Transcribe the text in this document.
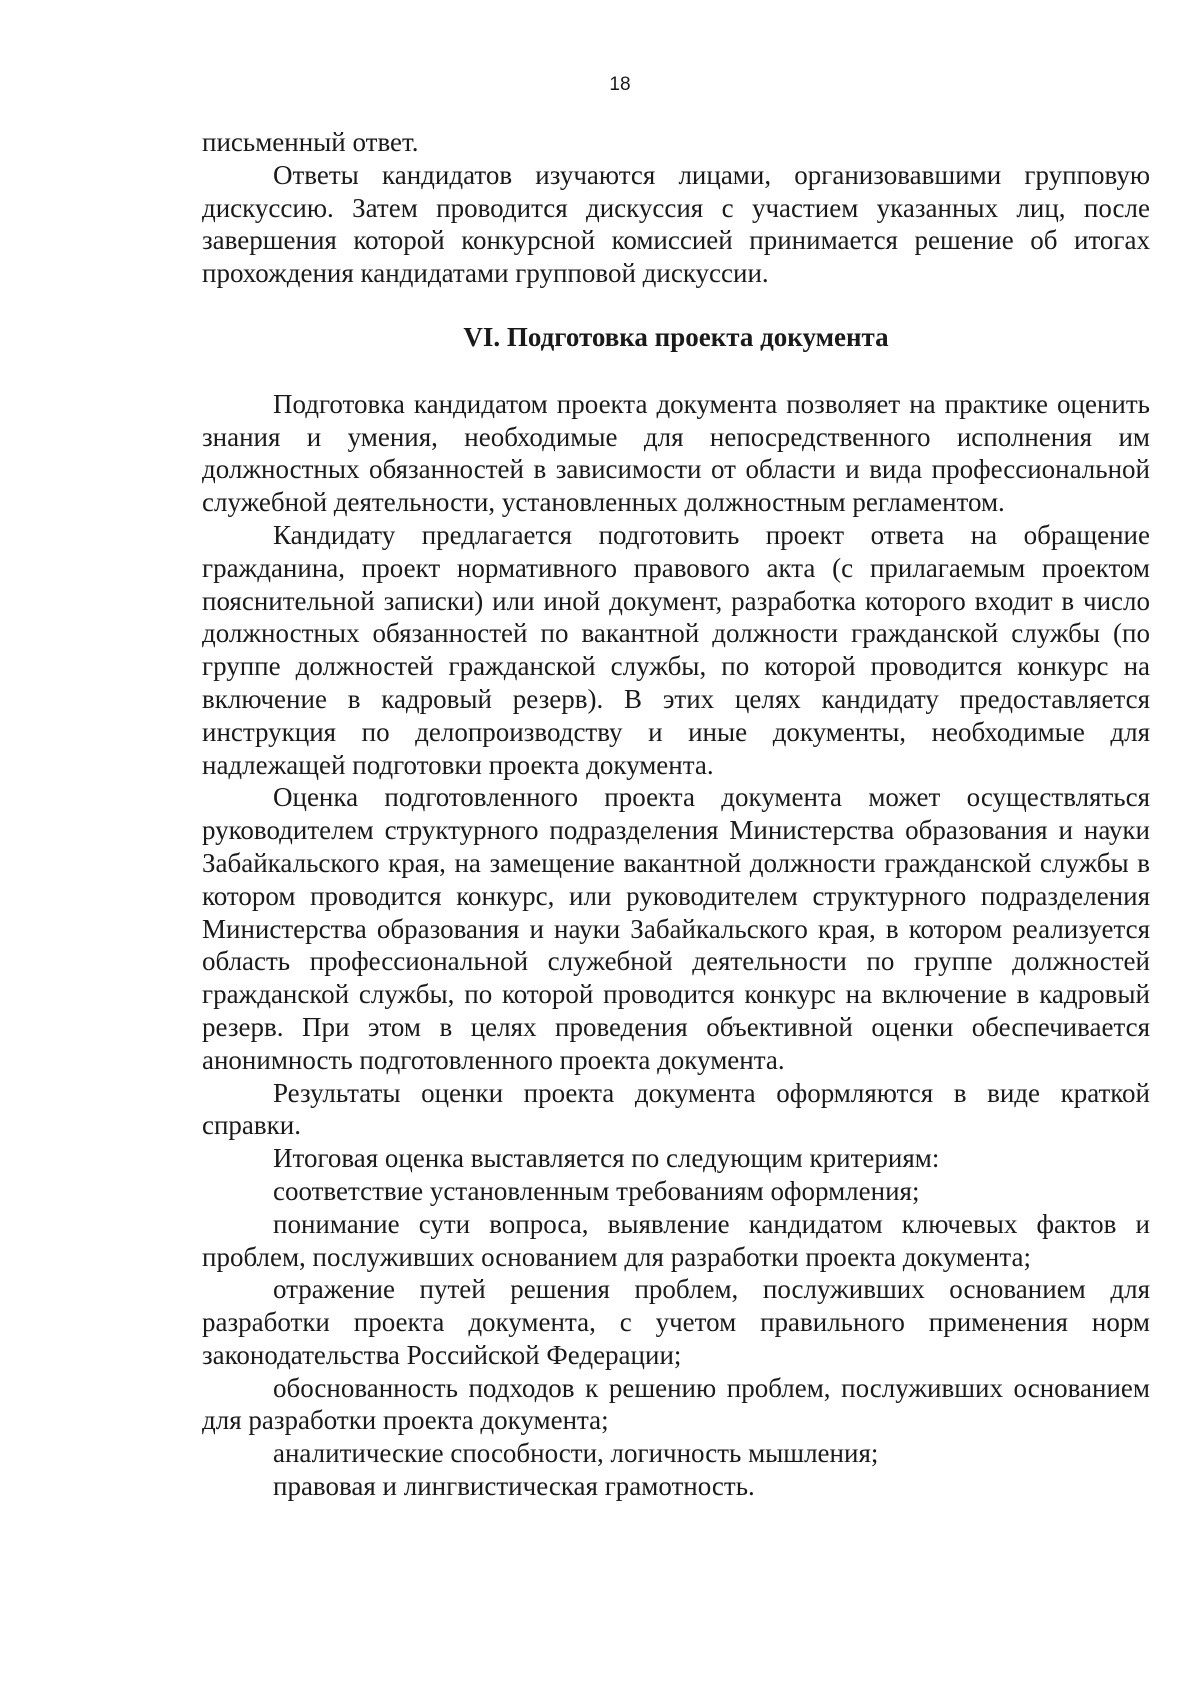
18

письменный ответ.

Ответы кандидатов изучаются лицами, организовавшими групповую дискуссию. Затем проводится дискуссия с участием указанных лиц, после завершения которой конкурсной комиссией принимается решение об итогах прохождения кандидатами групповой дискуссии.

VI. Подготовка проекта документа

Подготовка кандидатом проекта документа позволяет на практике оценить знания и умения, необходимые для непосредственного исполнения им должностных обязанностей в зависимости от области и вида профессиональной служебной деятельности, установленных должностным регламентом.

Кандидату предлагается подготовить проект ответа на обращение гражданина, проект нормативного правового акта (с прилагаемым проектом пояснительной записки) или иной документ, разработка которого входит в число должностных обязанностей по вакантной должности гражданской службы (по группе должностей гражданской службы, по которой проводится конкурс на включение в кадровый резерв). В этих целях кандидату предоставляется инструкция по делопроизводству и иные документы, необходимые для надлежащей подготовки проекта документа.

Оценка подготовленного проекта документа может осуществляться руководителем структурного подразделения Министерства образования и науки Забайкальского края, на замещение вакантной должности гражданской службы в котором проводится конкурс, или руководителем структурного подразделения Министерства образования и науки Забайкальского края, в котором реализуется область профессиональной служебной деятельности по группе должностей гражданской службы, по которой проводится конкурс на включение в кадровый резерв. При этом в целях проведения объективной оценки обеспечивается анонимность подготовленного проекта документа.

Результаты оценки проекта документа оформляются в виде краткой справки.

Итоговая оценка выставляется по следующим критериям:

соответствие установленным требованиям оформления;

понимание сути вопроса, выявление кандидатом ключевых фактов и проблем, послуживших основанием для разработки проекта документа;

отражение путей решения проблем, послуживших основанием для разработки проекта документа, с учетом правильного применения норм законодательства Российской Федерации;

обоснованность подходов к решению проблем, послуживших основанием для разработки проекта документа;

аналитические способности, логичность мышления;

правовая и лингвистическая грамотность.
